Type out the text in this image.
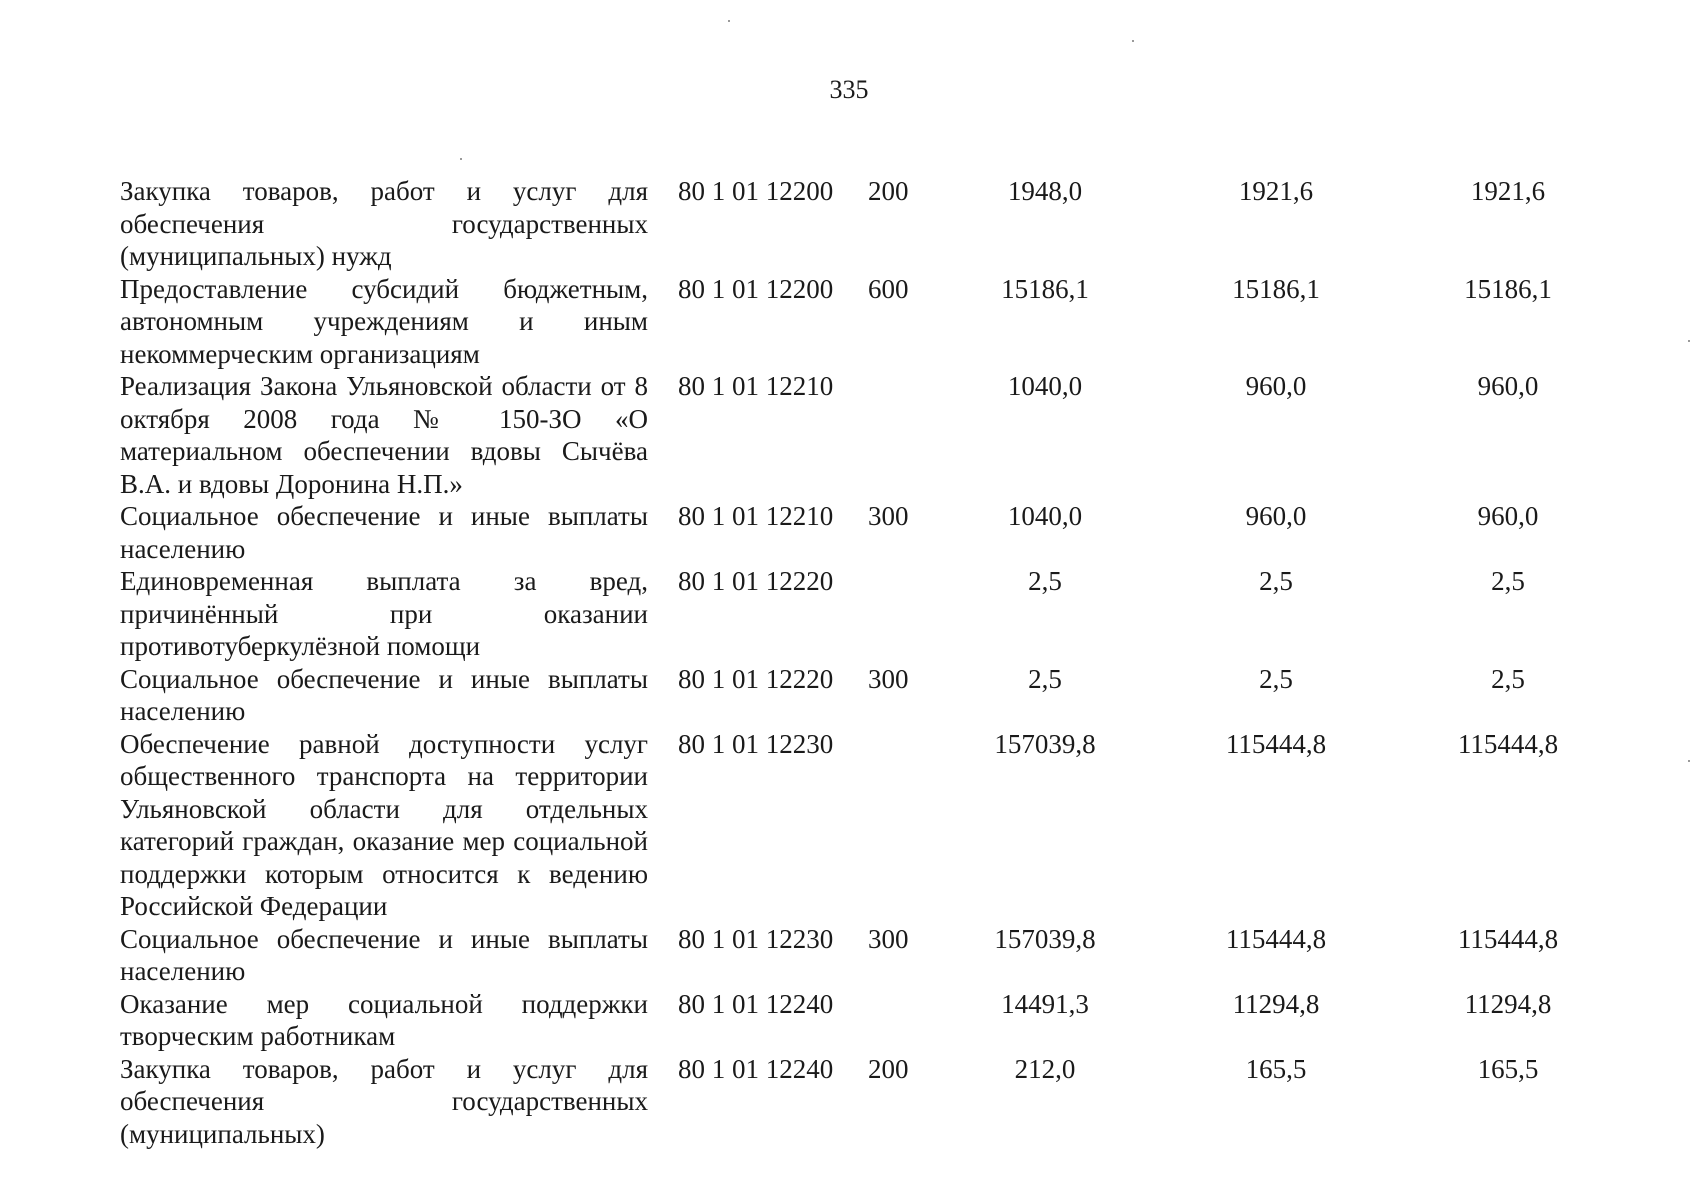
335
Закупка товаров, работ и услуг для обеспечения государственных (муниципальных) нужд		80 1 01 12200	200	1948,0	1921,6	1921,6
Предоставление субсидий бюджетным, автономным учреждениям и иным некоммерческим организациям		80 1 01 12200	600	15186,1	15186,1	15186,1
Реализация Закона Ульяновской области от 8 октября 2008 года № 150-ЗО «О материальном обеспечении вдовы Сычёва В.А. и вдовы Доронина Н.П.»		80 1 01 12210		1040,0	960,0	960,0
Социальное обеспечение и иные выплаты населению		80 1 01 12210	300	1040,0	960,0	960,0
Единовременная выплата за вред, причинённый при оказании противотуберкулёзной помощи		80 1 01 12220		2,5	2,5	2,5
Социальное обеспечение и иные выплаты населению		80 1 01 12220	300	2,5	2,5	2,5
Обеспечение равной доступности услуг общественного транспорта на территории Ульяновской области для отдельных категорий граждан, оказание мер социальной поддержки которым относится к ведению Российской Федерации		80 1 01 12230		157039,8	115444,8	115444,8
Социальное обеспечение и иные выплаты населению		80 1 01 12230	300	157039,8	115444,8	115444,8
Оказание мер социальной поддержки творческим работникам		80 1 01 12240		14491,3	11294,8	11294,8
Закупка товаров, работ и услуг для обеспечения государственных (муниципальных)		80 1 01 12240	200	212,0	165,5	165,5
